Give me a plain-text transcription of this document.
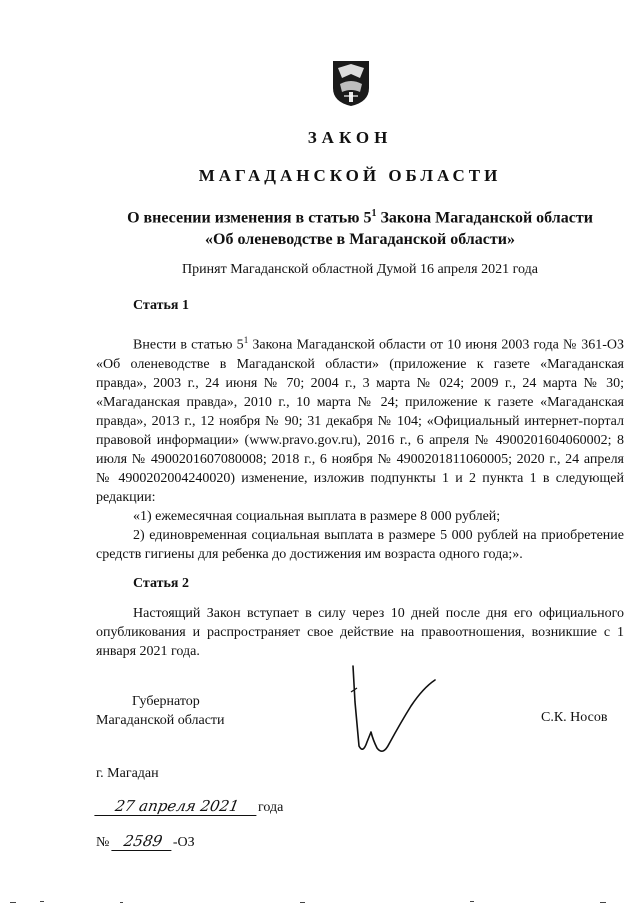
ЗАКОН
МАГАДАНСКОЙ ОБЛАСТИ
О внесении изменения в статью $5^1$ Закона Магаданской области
«Об оленеводстве в Магаданской области»
Принят Магаданской областной Думой 16 апреля 2021 года
Статья 1

Внести в статью $5^1$ Закона Магаданской области от 10 июня 2003 года № 361-ОЗ «Об оленеводстве в Магаданской области» (приложение к газете «Магаданская правда», 2003 г., 24 июня № 70; 2004 г., 3 марта № 024; 2009 г., 24 марта № 30; «Магаданская правда», 2010 г., 10 марта № 24; приложение к газете «Магаданская правда», 2013 г., 12 ноября № 90; 31 декабря № 104; «Официальный интернет-портал правовой информации» (www.pravo.gov.ru), 2016 г., 6 апреля № 4900201604060002; 8 июля № 4900201607080008; 2018 г., 6 ноября № 4900201811060005; 2020 г., 24 апреля № 4900202004240020) изменение, изложив подпункты 1 и 2 пункта 1 в следующей редакции:

«1) ежемесячная социальная выплата в размере 8 000 рублей;

2) единовременная социальная выплата в размере 5 000 рублей на приобретение средств гигиены для ребенка до достижения им возраста одного года;».

Статья 2

Настоящий Закон вступает в силу через 10 дней после дня его официального опубликования и распространяет свое действие на правоотношения, возникшие с 1 января 2021 года.

Губернатор
Магаданской области	С.К. Носов
г. Магадан
27 апреля 2021 года
№ 2589 -ОЗ
